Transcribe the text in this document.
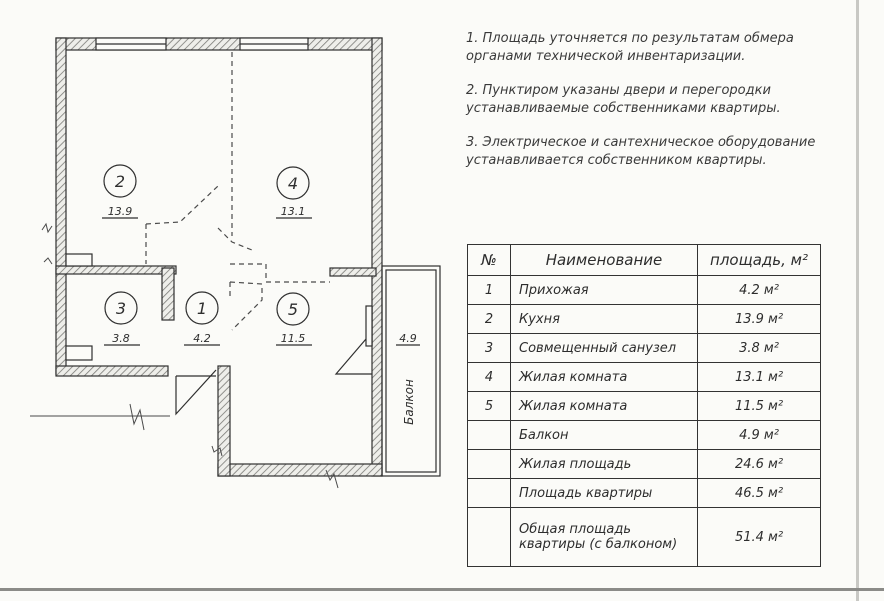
2
13.9
4
13.1
3
3.8
1
4.2
5
11.5	4.9
Балкон

1. Площадь уточняется по результатам обмера органами технической инвентаризации.

2. Пунктиром указаны двери и перегородки устанавливаемые собственниками квартиры.

3. Электрическое и сантехническое оборудование устанавливается собственником квартиры.

№	Наименование	площадь, м²
1	Прихожая	4.2 м²
2	Кухня	13.9 м²
3	Совмещенный санузел	3.8 м²
4	Жилая комната	13.1 м²
5	Жилая комната	11.5 м²
	Балкон	4.9 м²
	Жилая площадь	24.6 м²
	Площадь квартиры	46.5 м²
	Общая площадь квартиры (с балконом)	51.4 м²
